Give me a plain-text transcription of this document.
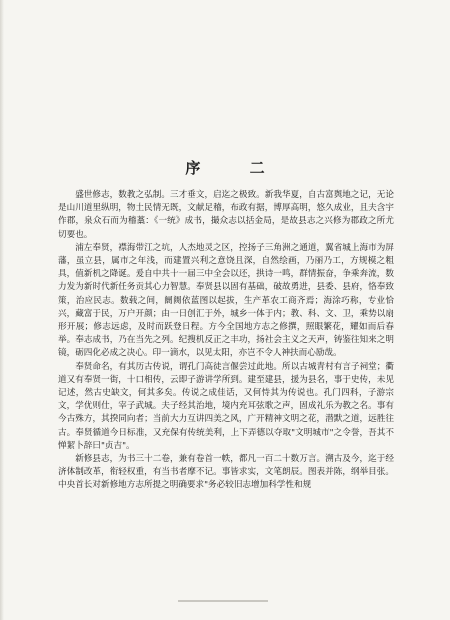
序 二

盛世修志，数教之弘制。三才垂文，启迄之极致。新我华夏，自古富舆地之记，无论是山川道里纵明，物土民情无既，文献足稽，布政有据，博厚高明，悠久成业，且夫含宇作郡，泉众石而为稽藁：《一统》成书，撮众志以括金局，是故县志之兴修为郡政之所尤切要也。

浦左奉贤，襟海带江之坑，人杰地灵之区，控扬子三角洲之通道，翼省城上海市为屏藩，虽立县，属市之年浅，而建置兴利之意饶且深，自然绘画，乃丽乃工，方规模之粗具，值新机之降诞。爰自中共十一届三中全会以还，拱诗一鸣，群情振奋，争乘奔流，数力发为新时代新任务贡其心力智慧。奉贤县以固有基础，破故勇进，县委、县府，恪奉致策，治应民志。数载之间，阛阓依蓝图以起拔，生产革农工商齐焉；海涂巧称，专业恰兴，藏富于民，万户开颜；由一日创汇于外，城乡一体于内；教、科、文、卫，乘势以扇形开展；修志远虑，及时而跃登日程。方今全国地方志之修撰，照眼繁花，耀如而后春举。奉志成书，乃在当先之列。纪搜机反正之丰功，扬社会主义之天声，铸鉴往知来之明镜，砺四化必成之决心。印一滴水，以见太阳，亦岂不令人神扶而心励哉。

奉贤命名，有其历古传说，谓孔门高徒言偃尝过此地。所以古城青村有言子祠堂；衢道又有奉贤一街，十口相传，云即子游讲学所到。建至建县，援为县名，事于史传，未见记述，然古史缺文，何其多矣。传说之成佳话，又何恃其为传说也。孔门四科，子游宗文，学优则仕，宰子武城。夫子经其治地，境内充耳弦歌之声，固成礼乐为教之名。事有今古殊方，其揆同向者；当前大力互讲四美之风，广开精神文明之花，潜默之道，远胜往古。奉贤循道今日标准，又充保有传统美利，上下弄德以夺取"文明城市"之令誉，吾其不惮絜卜辞曰"贞吉"。

新修县志，为书三十二卷，兼有卷首一帙，都凡一百二十数万言。溯古及今，迄于经济体制改革，衔轻权重，有当书者摩不记。事皆求实，文笔朗辰。图表并陈，纲举目张。中央首长对新修地方志所提之明确要求"务必较旧志增加科学性和规
